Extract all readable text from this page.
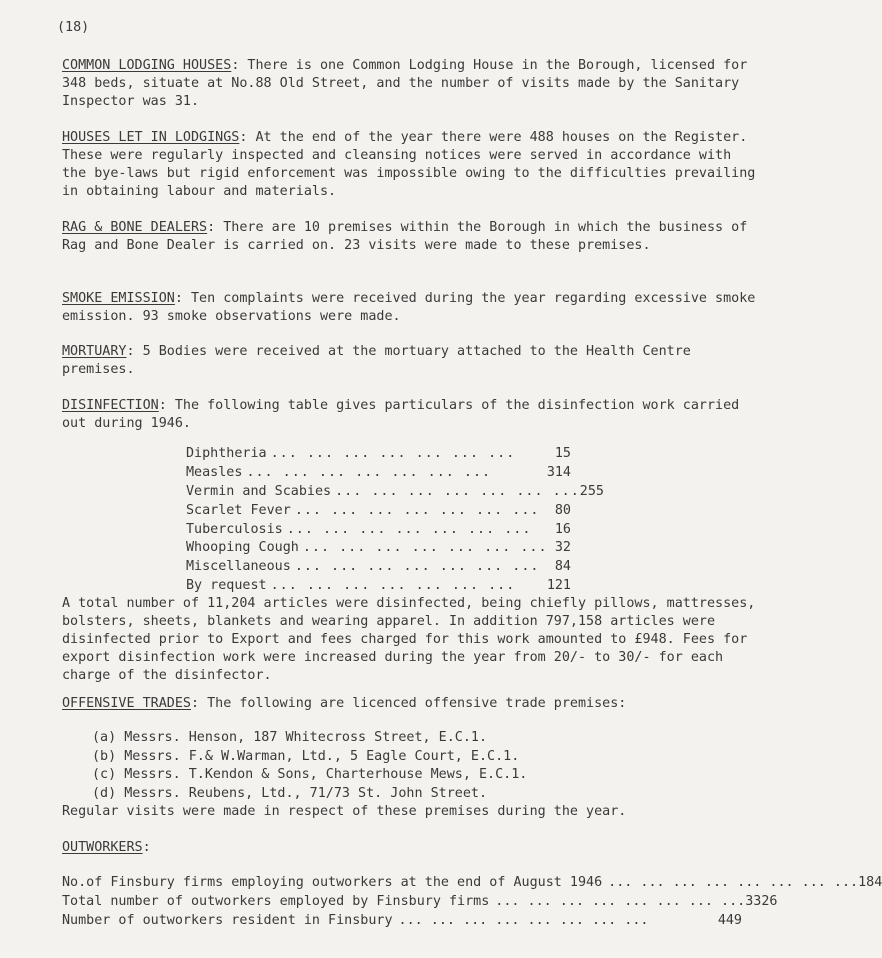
(18)

COMMON LODGING HOUSES: There is one Common Lodging House in the Borough, licensed for 348 beds, situate at No.88 Old Street, and the number of visits made by the Sanitary Inspector was 31.

HOUSES LET IN LODGINGS: At the end of the year there were 488 houses on the Register. These were regularly inspected and cleansing notices were served in accordance with the bye-laws but rigid enforcement was impossible owing to the difficulties prevailing in obtaining labour and materials.

RAG & BONE DEALERS: There are 10 premises within the Borough in which the business of Rag and Bone Dealer is carried on. 23 visits were made to these premises.

SMOKE EMISSION: Ten complaints were received during the year regarding excessive smoke emission. 93 smoke observations were made.

MORTUARY: 5 Bodies were received at the mortuary attached to the Health Centre premises.

DISINFECTION: The following table gives particulars of the disinfection work carried out during 1946.

Diphtheria ... ... ... ... ... ... ...	15
Measles ... ... ... ... ... ... ...	314
Vermin and Scabies ... ... ... ... ... ... ... 255
Scarlet Fever ... ... ... ... ... ... ...	80
Tuberculosis ... ... ... ... ... ... ...	16
Whooping Cough ... ... ... ... ... ... ... 32
Miscellaneous ... ... ... ... ... ... ...	84
By request ... ... ... ... ... ... ...	121

A total number of 11,204 articles were disinfected, being chiefly pillows, mattresses, bolsters, sheets, blankets and wearing apparel. In addition 797,158 articles were disinfected prior to Export and fees charged for this work amounted to £948. Fees for export disinfection work were increased during the year from 20/- to 30/- for each charge of the disinfector.

OFFENSIVE TRADES: The following are licenced offensive trade premises:

(a) Messrs. Henson, 187 Whitecross Street, E.C.1.
(b) Messrs. F.& W.Warman, Ltd., 5 Eagle Court, E.C.1.
(c) Messrs. T.Kendon & Sons, Charterhouse Mews, E.C.1.
(d) Messrs. Reubens, Ltd., 71/73 St. John Street.

Regular visits were made in respect of these premises during the year.

OUTWORKERS:

No.of Finsbury firms employing outworkers at the end of August 1946 ... ... ... ... ... ... ... ... 184
Total number of outworkers employed by Finsbury firms ... ... ... ... ... ... ... ... 3326
Number of outworkers resident in Finsbury ... ... ... ... ... ... ... ...	449
